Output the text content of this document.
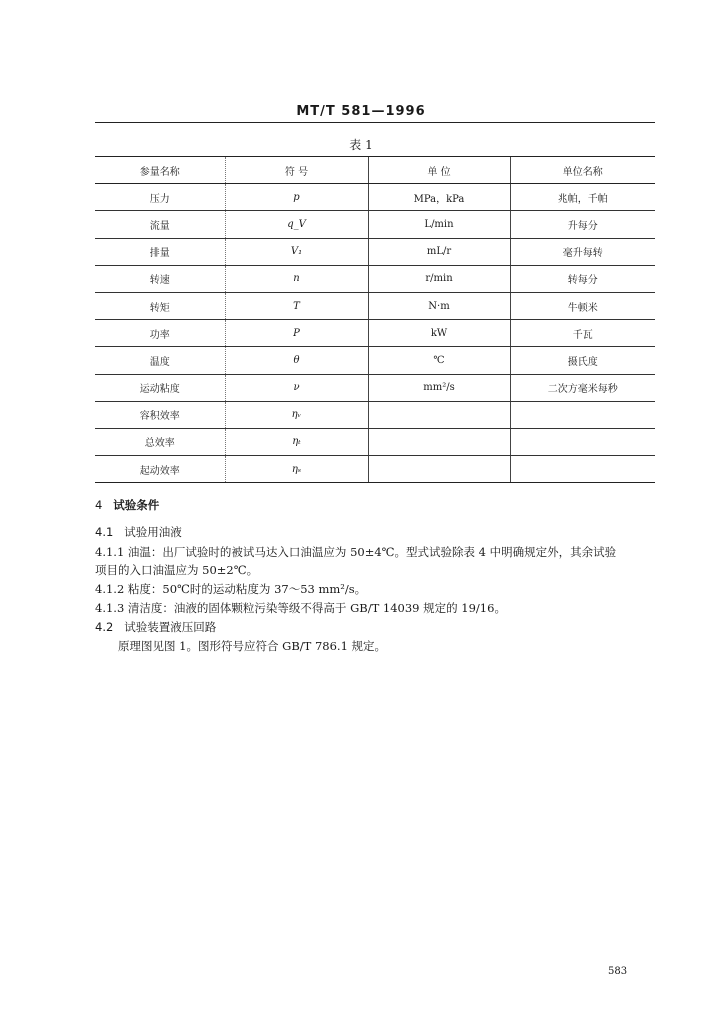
MT/T 581—1996
表 1
参量名称	符 号	单 位	单位名称
压力	p	MPa，kPa	兆帕，千帕
流量	q_V	L/min	升每分
排量	V₁	mL/r	毫升每转
转速	n	r/min	转每分
转矩	T	N·m	牛顿米
功率	P	kW	千瓦
温度	θ	℃	摄氏度
运动粘度	ν	mm²/s	二次方毫米每秒
容积效率	ηᵥ		
总效率	ηₜ		
起动效率	ηₛ		
4 试验条件
4.1 试验用油液
4.1.1 油温：出厂试验时的被试马达入口油温应为 50±4℃。型式试验除表 4 中明确规定外，其余试验
项目的入口油温应为 50±2℃。
4.1.2 粘度：50℃时的运动粘度为 37～53 mm²/s。
4.1.3 清洁度：油液的固体颗粒污染等级不得高于 GB/T 14039 规定的 19/16。
4.2 试验装置液压回路
原理图见图 1。图形符号应符合 GB/T 786.1 规定。
583
